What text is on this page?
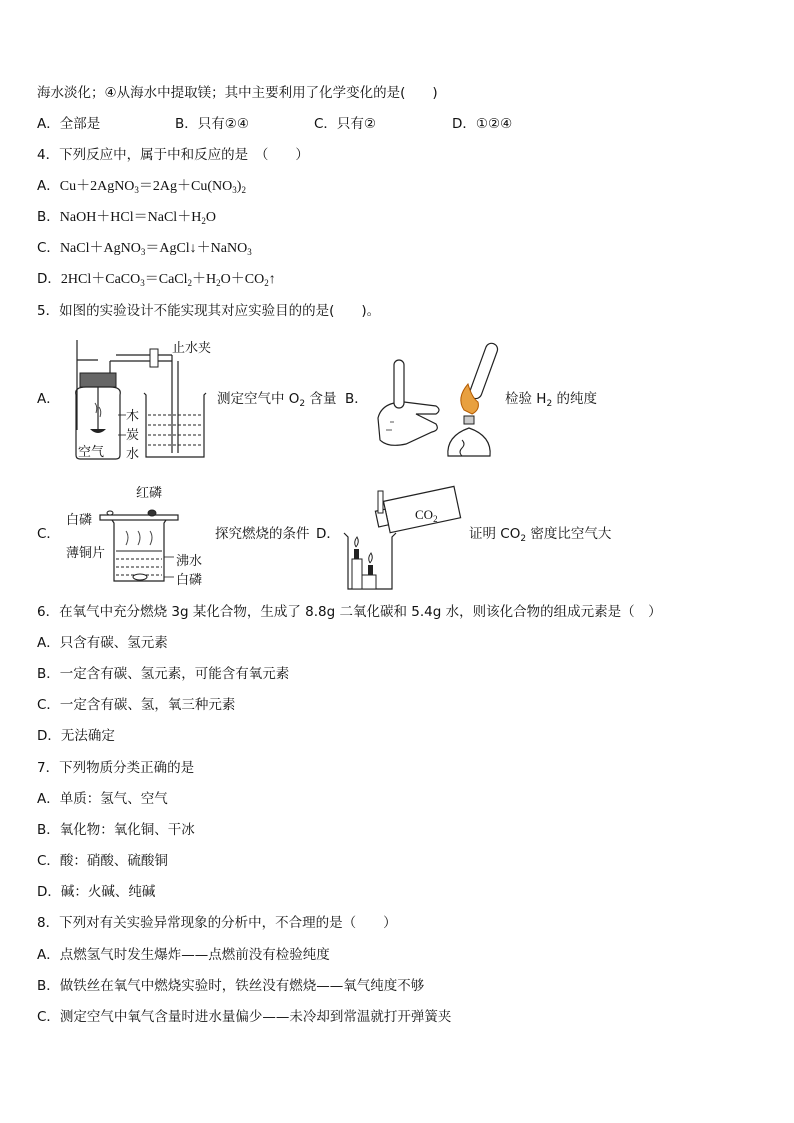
海水淡化；④从海水中提取镁；其中主要利用了化学变化的是(　　)
A．全部是	B．只有②④	C．只有②	D．①②④
4．下列反应中，属于中和反应的是　（　　）
A．$Cu+2AgNO_3=2Ag+Cu(NO_3)_2$
B．$NaOH+HCl=NaCl+H_2O$
C．NaCl＋AgNO$_3$＝AgCl↓＋NaNO$_3$
D．$2HCl+CaCO_3=CaCl_2+H_2O+CO_2↑$
5．如图的实验设计不能实现其对应实验目的的是(　　)。
A．
止水夹
木
炭
水
空气
测定空气中 $O_2$ 含量 B．	检验 $H_2$ 的纯度
C．
红磷
白磷
薄铜片
沸水
白磷
探究燃烧的条件 D．
$CO_2$
证明 $CO_2$ 密度比空气大
6．在氧气中充分燃烧 3g 某化合物，生成了 8.8g 二氧化碳和 5.4g 水，则该化合物的组成元素是（　）
A．只含有碳、氢元素
B．一定含有碳、氢元素，可能含有氧元素
C．一定含有碳、氢，氧三种元素
D．无法确定
7．下列物质分类正确的是
A．单质：氢气、空气
B．氧化物：氧化铜、干冰
C．酸：硝酸、硫酸铜
D．碱：火碱、纯碱
8．下列对有关实验异常现象的分析中，不合理的是（　　）
A．点燃氢气时发生爆炸——点燃前没有检验纯度
B．做铁丝在氧气中燃烧实验时，铁丝没有燃烧——氧气纯度不够
C．测定空气中氧气含量时进水量偏少——未冷却到常温就打开弹簧夹
